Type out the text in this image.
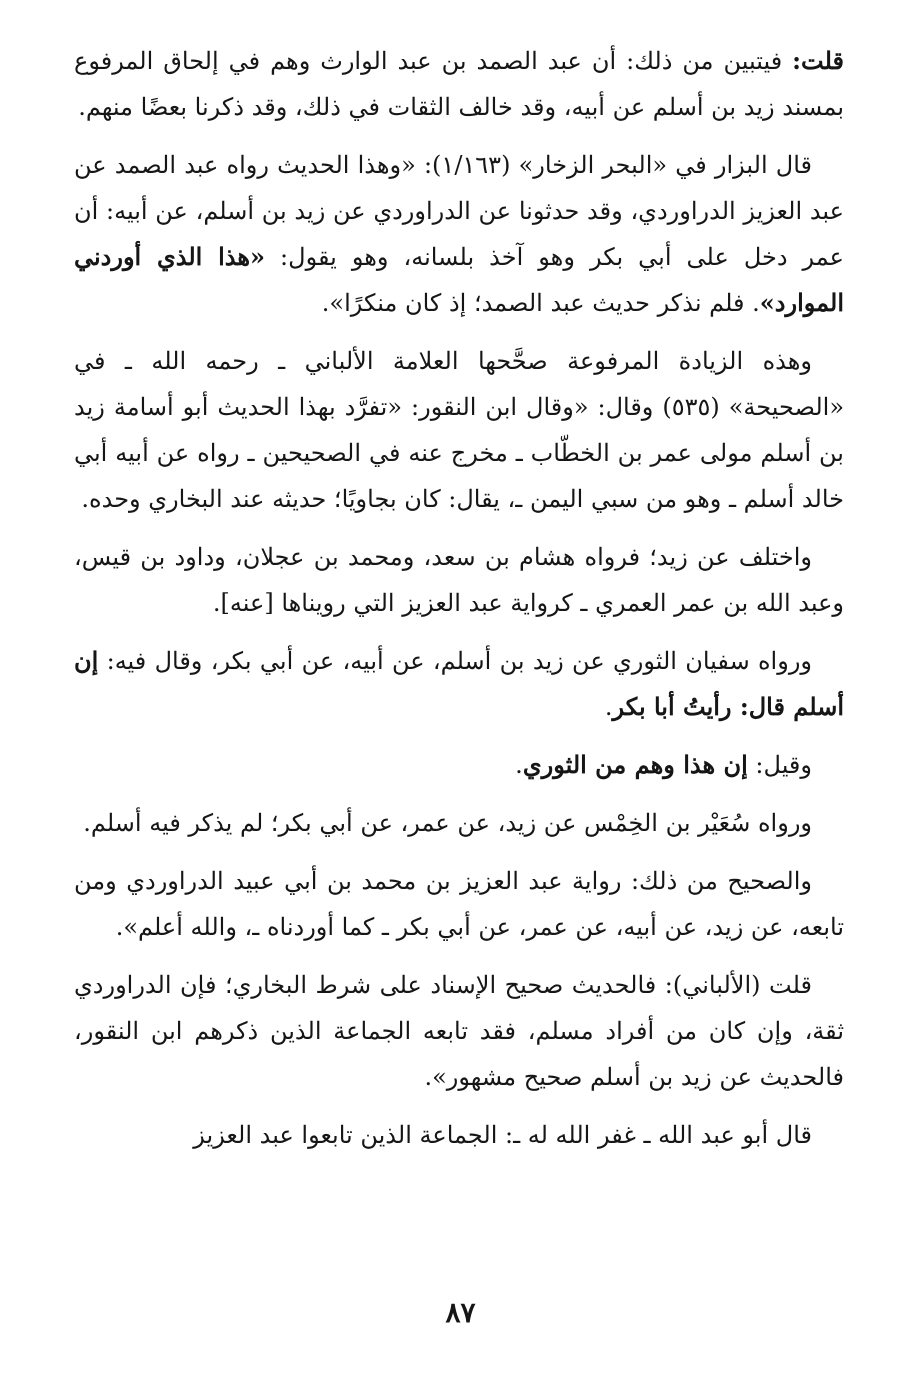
قلت: فيتبين من ذلك: أن عبد الصمد بن عبد الوارث وهم في إلحاق المرفوع بمسند زيد بن أسلم عن أبيه، وقد خالف الثقات في ذلك، وقد ذكرنا بعضًا منهم.

قال البزار في «البحر الزخار» (١/١٦٣): «وهذا الحديث رواه عبد الصمد عن عبد العزيز الدراوردي، وقد حدثونا عن الدراوردي عن زيد بن أسلم، عن أبيه: أن عمر دخل على أبي بكر وهو آخذ بلسانه، وهو يقول: «هذا الذي أوردني الموارد». فلم نذكر حديث عبد الصمد؛ إذ كان منكرًا».

وهذه الزيادة المرفوعة صحَّحها العلامة الألباني ـ رحمه الله ـ في «الصحيحة» (٥٣٥) وقال: «وقال ابن النقور: «تفرَّد بهذا الحديث أبو أسامة زيد بن أسلم مولى عمر بن الخطّاب ـ مخرج عنه في الصحيحين ـ رواه عن أبيه أبي خالد أسلم ـ وهو من سبي اليمن ـ، يقال: كان بجاويًا؛ حديثه عند البخاري وحده.

واختلف عن زيد؛ فرواه هشام بن سعد، ومحمد بن عجلان، وداود بن قيس، وعبد الله بن عمر العمري ـ كرواية عبد العزيز التي رويناها [عنه].

ورواه سفيان الثوري عن زيد بن أسلم، عن أبيه، عن أبي بكر، وقال فيه: إن أسلم قال: رأيتُ أبا بكر.

وقيل: إن هذا وهم من الثوري.

ورواه سُعَيْر بن الخِمْس عن زيد، عن عمر، عن أبي بكر؛ لم يذكر فيه أسلم.

والصحيح من ذلك: رواية عبد العزيز بن محمد بن أبي عبيد الدراوردي ومن تابعه، عن زيد، عن أبيه، عن عمر، عن أبي بكر ـ كما أوردناه ـ، والله أعلم».

قلت (الألباني): فالحديث صحيح الإسناد على شرط البخاري؛ فإن الدراوردي ثقة، وإن كان من أفراد مسلم، فقد تابعه الجماعة الذين ذكرهم ابن النقور، فالحديث عن زيد بن أسلم صحيح مشهور».

قال أبو عبد الله ـ غفر الله له ـ: الجماعة الذين تابعوا عبد العزيز

٨٧
